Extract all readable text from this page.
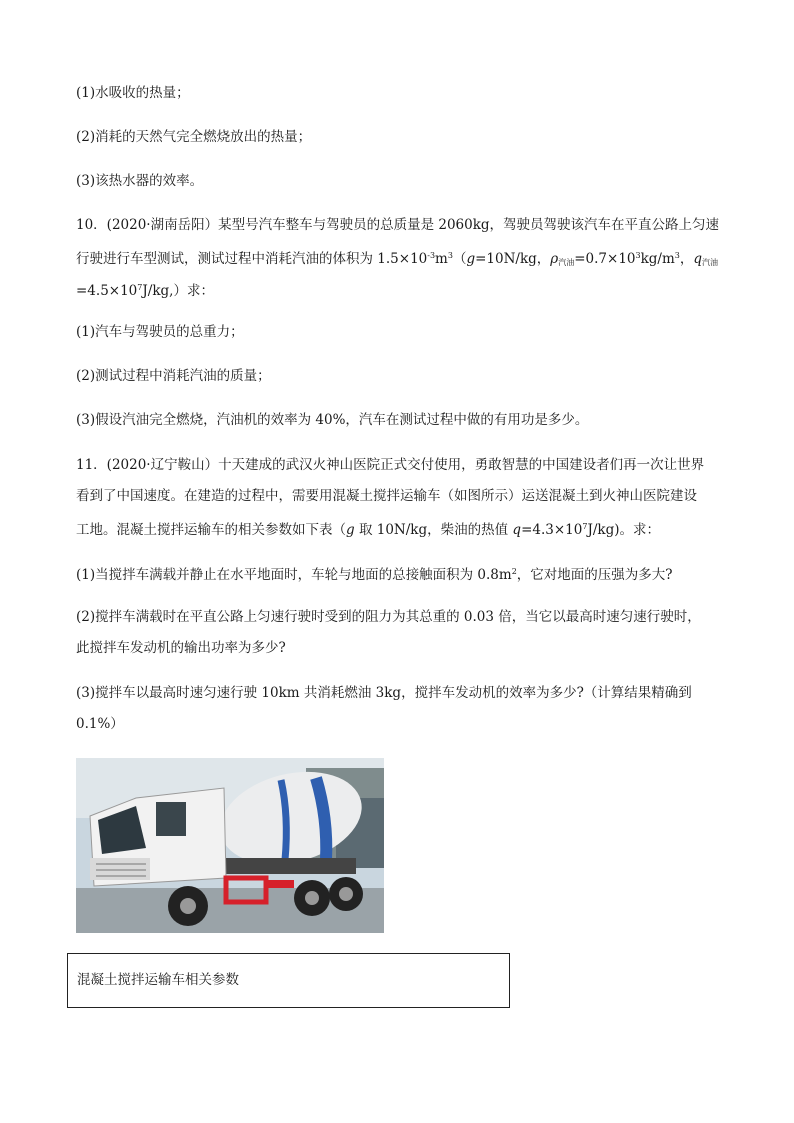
(1)水吸收的热量；
(2)消耗的天然气完全燃烧放出的热量；
(3)该热水器的效率。
10．(2020·湖南岳阳）某型号汽车整车与驾驶员的总质量是 2060kg，驾驶员驾驶该汽车在平直公路上匀速
行驶进行车型测试，测试过程中消耗汽油的体积为 $1.5\times 10^{-3}m^3(g=10N/kg$，$\rho_{汽油}=0.7\times 10^3kg/m^3$，$q_{汽油}$
$=4.5\times 10^7J/kg$,）求：
(1)汽车与驾驶员的总重力；
(2)测试过程中消耗汽油的质量；
(3)假设汽油完全燃烧，汽油机的效率为 40%，汽车在测试过程中做的有用功是多少。
11．(2020·辽宁鞍山）十天建成的武汉火神山医院正式交付使用，勇敢智慧的中国建设者们再一次让世界
看到了中国速度。在建造的过程中，需要用混凝土搅拌运输车（如图所示）运送混凝土到火神山医院建设
工地。混凝土搅拌运输车的相关参数如下表（g 取 10N/kg，柴油的热值 $q=4.3\times 10^7J/kg$)。求：
(1)当搅拌车满载并静止在水平地面时，车轮与地面的总接触面积为 $0.8m^2$，它对地面的压强为多大?
(2)搅拌车满载时在平直公路上匀速行驶时受到的阻力为其总重的 0.03 倍，当它以最高时速匀速行驶时，
此搅拌车发动机的输出功率为多少?
(3)搅拌车以最高时速匀速行驶 10km 共消耗燃油 3kg，搅拌车发动机的效率为多少?（计算结果精确到
0.1%）
混凝土搅拌运输车相关参数
